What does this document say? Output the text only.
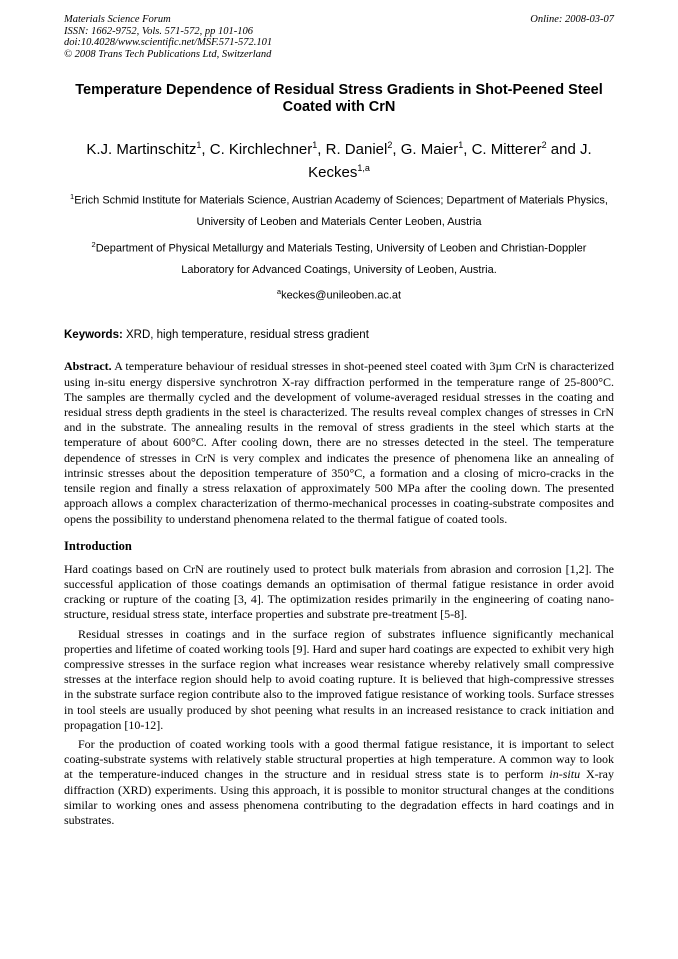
Materials Science Forum
ISSN: 1662-9752, Vols. 571-572, pp 101-106
doi:10.4028/www.scientific.net/MSF.571-572.101
© 2008 Trans Tech Publications Ltd, Switzerland
Online: 2008-03-07
Temperature Dependence of Residual Stress Gradients in Shot-Peened Steel Coated with CrN
K.J. Martinschitz$^1$, C. Kirchlechner$^1$, R. Daniel$^2$, G. Maier$^1$, C. Mitterer$^2$ and J. Keckes$^{1,a}$
$^1$Erich Schmid Institute for Materials Science, Austrian Academy of Sciences; Department of Materials Physics, University of Leoben and Materials Center Leoben, Austria
$^2$Department of Physical Metallurgy and Materials Testing, University of Leoben and Christian-Doppler Laboratory for Advanced Coatings, University of Leoben, Austria.
$^a$keckes@unileoben.ac.at
Keywords: XRD, high temperature, residual stress gradient
Abstract. A temperature behaviour of residual stresses in shot-peened steel coated with 3µm CrN is characterized using in-situ energy dispersive synchrotron X-ray diffraction performed in the temperature range of 25-800°C. The samples are thermally cycled and the development of volume-averaged residual stresses in the coating and residual stress depth gradients in the steel is characterized. The results reveal complex changes of stresses in CrN and in the substrate. The annealing results in the removal of stress gradients in the steel which starts at the temperature of about 600°C. After cooling down, there are no stresses detected in the steel. The temperature dependence of stresses in CrN is very complex and indicates the presence of phenomena like an annealing of intrinsic stresses about the deposition temperature of 350°C, a formation and a closing of micro-cracks in the tensile region and finally a stress relaxation of approximately 500 MPa after the cooling down. The presented approach allows a complex characterization of thermo-mechanical processes in coating-substrate composites and opens the possibility to understand phenomena related to the thermal fatigue of coated tools.
Introduction

Hard coatings based on CrN are routinely used to protect bulk materials from abrasion and corrosion [1,2]. The successful application of those coatings demands an optimisation of thermal fatigue resistance in order avoid cracking or rupture of the coating [3, 4]. The optimization resides primarily in the engineering of coating nano-structure, residual stress state, interface properties and substrate pre-treatment [5-8].

Residual stresses in coatings and in the surface region of substrates influence significantly mechanical properties and lifetime of coated working tools [9]. Hard and super hard coatings are expected to exhibit very high compressive stresses in the surface region what increases wear resistance whereby relatively small compressive stresses at the interface region should help to avoid coating rupture. It is believed that high-compressive stresses in the substrate surface region contribute also to the improved fatigue resistance of working tools. Surface stresses in tool steels are usually produced by shot peening what results in an increased resistance to crack initiation and propagation [10-12].

For the production of coated working tools with a good thermal fatigue resistance, it is important to select coating-substrate systems with relatively stable structural properties at high temperature. A common way to look at the temperature-induced changes in the structure and in residual stress state is to perform in-situ X-ray diffraction (XRD) experiments. Using this approach, it is possible to monitor structural changes at the conditions similar to working ones and assess phenomena contributing to the degradation effects in hard coatings and in substrates.
